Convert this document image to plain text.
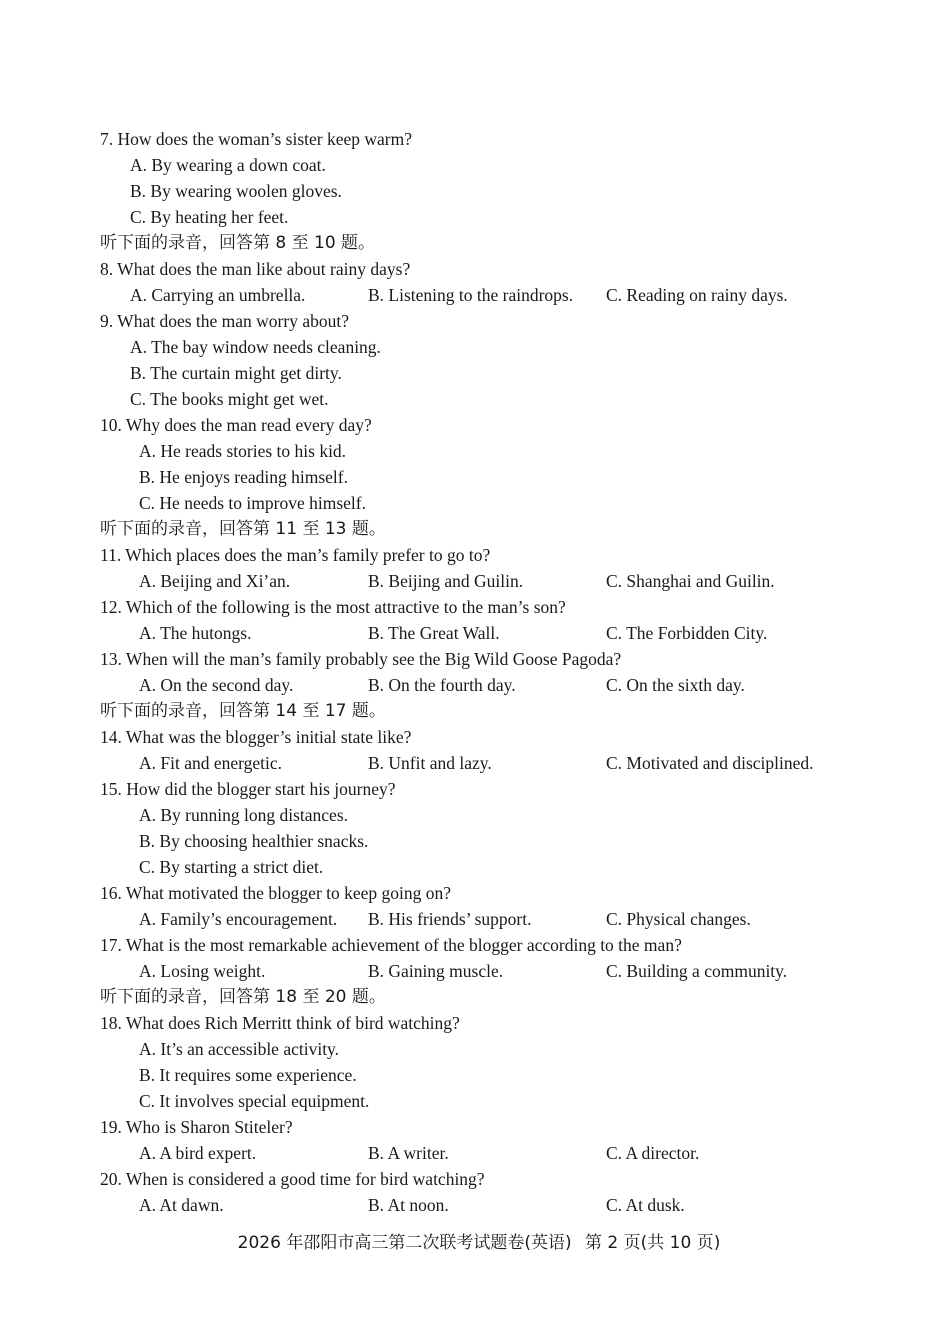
7. How does the woman’s sister keep warm?
A. By wearing a down coat.
B. By wearing woolen gloves.
C. By heating her feet.
听下面的录音，回答第 8 至 10 题。
8. What does the man like about rainy days?
A. Carrying an umbrella.	B. Listening to the raindrops. C. Reading on rainy days.
9. What does the man worry about?
A. The bay window needs cleaning.
B. The curtain might get dirty.
C. The books might get wet.
10. Why does the man read every day?
A. He reads stories to his kid.
B. He enjoys reading himself.
C. He needs to improve himself.
听下面的录音，回答第 11 至 13 题。
11. Which places does the man’s family prefer to go to?
A. Beijing and Xi’an.	B. Beijing and Guilin.	C. Shanghai and Guilin.
12. Which of the following is the most attractive to the man’s son?
A. The hutongs.	B. The Great Wall.	C. The Forbidden City.
13. When will the man’s family probably see the Big Wild Goose Pagoda?
A. On the second day.	B. On the fourth day.	C. On the sixth day.
听下面的录音，回答第 14 至 17 题。
14. What was the blogger’s initial state like?
A. Fit and energetic.	B. Unfit and lazy.	C. Motivated and disciplined.
15. How did the blogger start his journey?
A. By running long distances.
B. By choosing healthier snacks.
C. By starting a strict diet.
16. What motivated the blogger to keep going on?
A. Family’s encouragement. B. His friends’ support.	C. Physical changes.
17. What is the most remarkable achievement of the blogger according to the man?
A. Losing weight.	B. Gaining muscle.	C. Building a community.
听下面的录音，回答第 18 至 20 题。
18. What does Rich Merritt think of bird watching?
A. It’s an accessible activity.
B. It requires some experience.
C. It involves special equipment.
19. Who is Sharon Stiteler?
A. A bird expert.	B. A writer.	C. A director.
20. When is considered a good time for bird watching?
A. At dawn.	B. At noon.	C. At dusk.
2026 年邵阳市高三第二次联考试题卷(英语) 第 2 页(共 10 页)
